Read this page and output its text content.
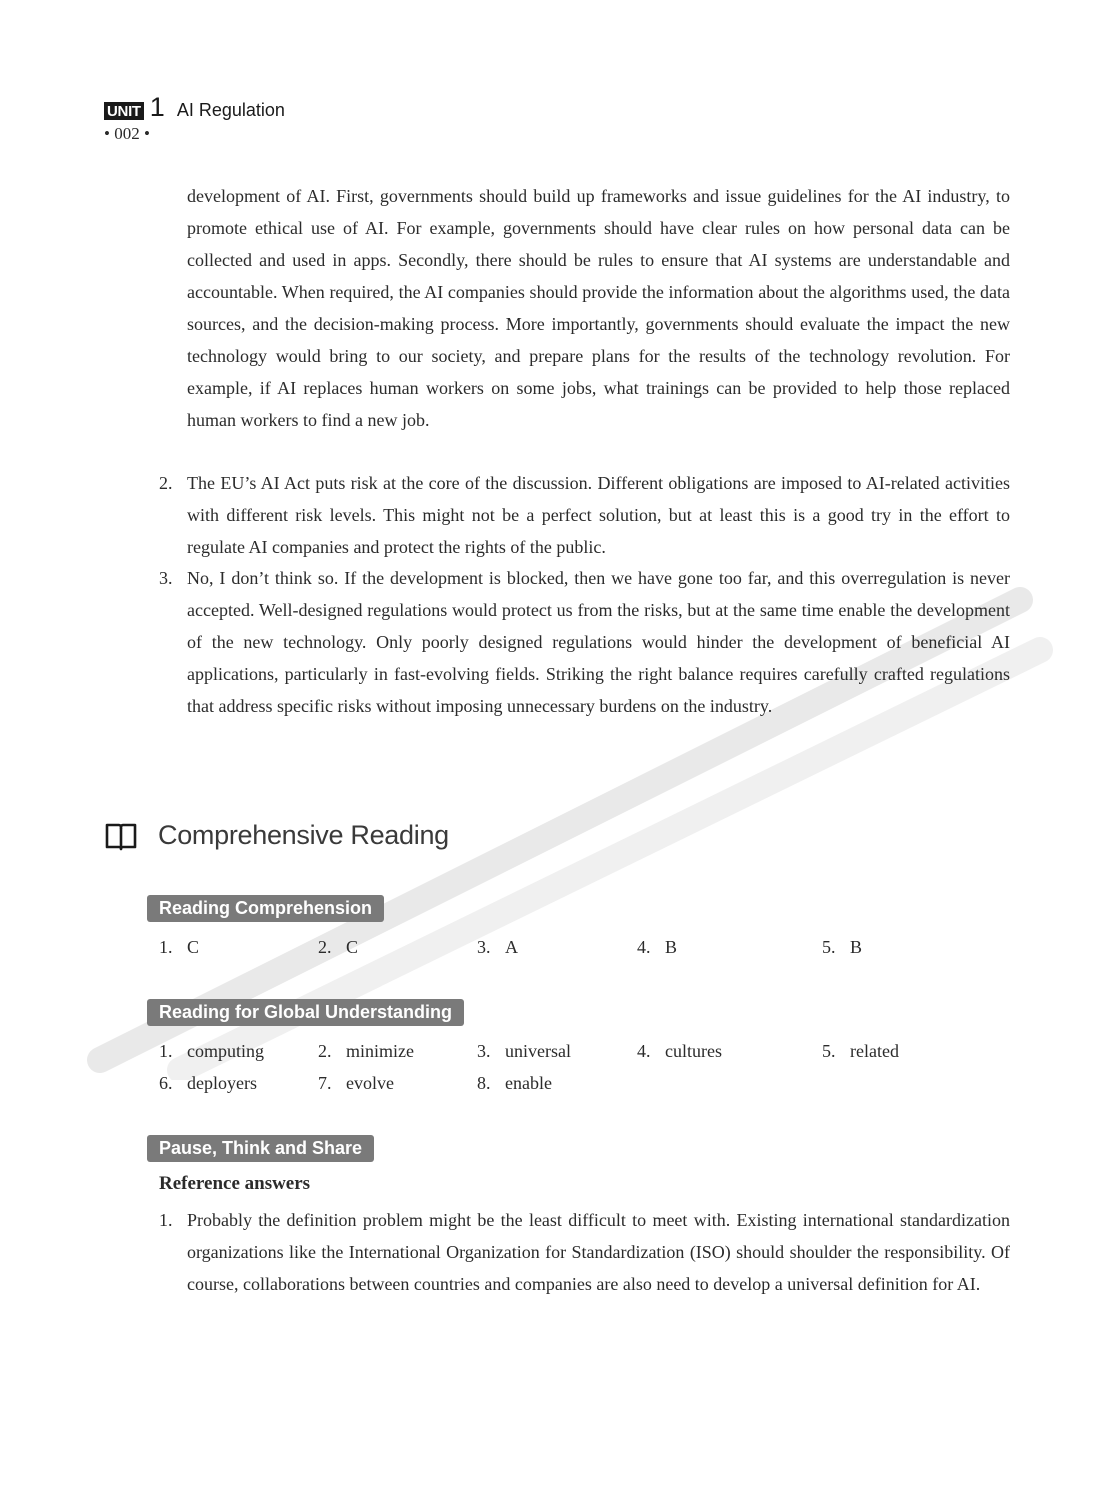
UNIT 1 AI Regulation
• 002 •

development of AI. First, governments should build up frameworks and issue guidelines for the AI industry, to promote ethical use of AI. For example, governments should have clear rules on how personal data can be collected and used in apps. Secondly, there should be rules to ensure that AI systems are understandable and accountable. When required, the AI companies should provide the information about the algorithms used, the data sources, and the decision-making process. More importantly, governments should evaluate the impact the new technology would bring to our society, and prepare plans for the results of the technology revolution. For example, if AI replaces human workers on some jobs, what trainings can be provided to help those replaced human workers to find a new job.

2. The EU’s AI Act puts risk at the core of the discussion. Different obligations are imposed to AI-related activities with different risk levels. This might not be a perfect solution, but at least this is a good try in the effort to regulate AI companies and protect the rights of the public.
3. No, I don’t think so. If the development is blocked, then we have gone too far, and this overregulation is never accepted. Well-designed regulations would protect us from the risks, but at the same time enable the development of the new technology. Only poorly designed regulations would hinder the development of beneficial AI applications, particularly in fast-evolving fields. Striking the right balance requires carefully crafted regulations that address specific risks without imposing unnecessary burdens on the industry.
Comprehensive Reading
Reading Comprehension
1. C	2. C	3. A	4. B	5. B
Reading for Global Understanding
1. computing	2. minimize	3. universal	4. cultures	5. related
6. deployers	7. evolve	8. enable
Pause, Think and Share
Reference answers
1. Probably the definition problem might be the least difficult to meet with. Existing international standardization organizations like the International Organization for Standardization (ISO) should shoulder the responsibility. Of course, collaborations between countries and companies are also need to develop a universal definition for AI.
